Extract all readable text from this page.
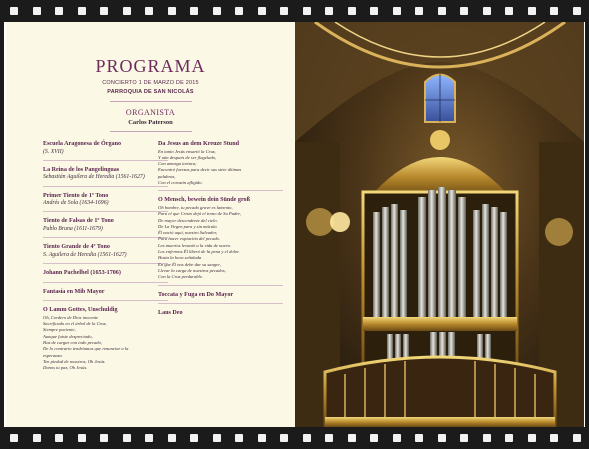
PROGRAMA
CONCIERTO 1 DE MARZO DE 2015
PARROQUIA DE SAN NICOLÁS
ORGANISTA
Carlos Paterson
Escuela Aragonesa de Órgano
(S. XVII)
La Reina de los Pangelinguas
Sebastián Aguilera de Heredia (1561-1627)
Primer Tiento de 1º Tono
Andrés de Sola (1634-1696)
Tiento de Falsas de 1º Tono
Pablo Bruna (1611-1679)
Tiento Grande de 4º Tono
S. Aguilera de Heredia (1561-1627)
Johann Pachelbel (1653-1706)
Fantasía en Mib Mayor
O Lamm Gottes, Unschuldig
Oh, Cordero de Dios inocente
Sacrificado en el árbol de la Cruz,
Siempre paciente,
Aunque fuiste despreciado,
Has de cargar con todo pecado,
De lo contrario tendríamos que renunciar a la
esperanza.
Ten piedad de nosotros, Oh Jesús.
Danos tu paz, Oh Jesús.
Da Jesus an dem Kreuze Stund
En tanto Jesús ensartó la Cruz,
Y aún después de ser flagelado,
Con amarga tortura;
Encontró fuerzas para decir sus siete últimas
palabras,
Con el corazón afligido.
O Mensch, bewein dein Sünde groß
Oh hombre, tu pecado grave es lamento,
Para el que Cristo dejó el trono de Su Padre,
De mayor descendente del cielo.
De La Virgen para y sin mácula
Él nació aquí, nuestro Salvador,
Para hacer expiación del pecado.
Los muertos levantó a la vida de nuevo.
Los enfermos Él liberó de la pena y el dolor.
Hasta la hora señalada
En que Él nos debe dar su sangre,
Llevar la carga de nuestros pecados,
Con la Cruz perdurable.
Toccata y Fuga en Do Mayor
Laus Deo
